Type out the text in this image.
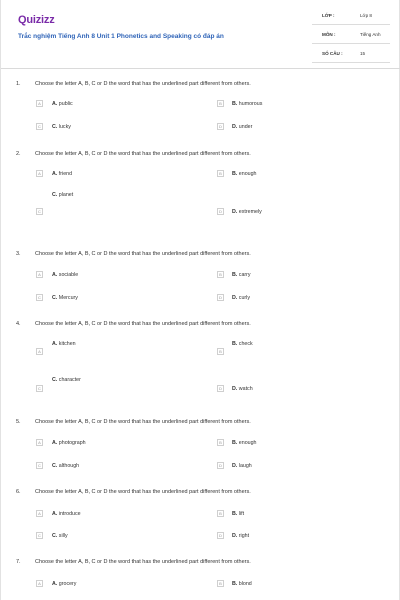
Quizizz
Trắc nghiệm Tiếng Anh 8 Unit 1 Phonetics and Speaking có đáp án
LỚP :	Lớp 8
MÔN :	Tiếng Anh
SỐ CÂU :	15
1.	Choose the letter A, B, C or D the word that has the underlined part different from others.
A	A. public	B	B. humorous
C	C. lucky	D	D. under
2.	Choose the letter A, B, C or D the word that has the underlined part different from others.
A	A. friend	B	B. enough
C. planet
C	D	D. extremely
3.	Choose the letter A, B, C or D the word that has the underlined part different from others.
A	A. sociable	B	B. carry
C	C. Mercury	D	D. curly
4.	Choose the letter A, B, C or D the word that has the underlined part different from others.
A. kitchen
A
B. check
B
C. character
C	D	D. watch
5.	Choose the letter A, B, C or D the word that has the underlined part different from others.
A	A. photograph	B	B. enough
C	C. although	D	D. laugh
6.	Choose the letter A, B, C or D the word that has the underlined part different from others.
A	A. introduce	B	B. lift
C	C. silly	D	D. right
7.	Choose the letter A, B, C or D the word that has the underlined part different from others.
A	A. grocery	B	B. blond
